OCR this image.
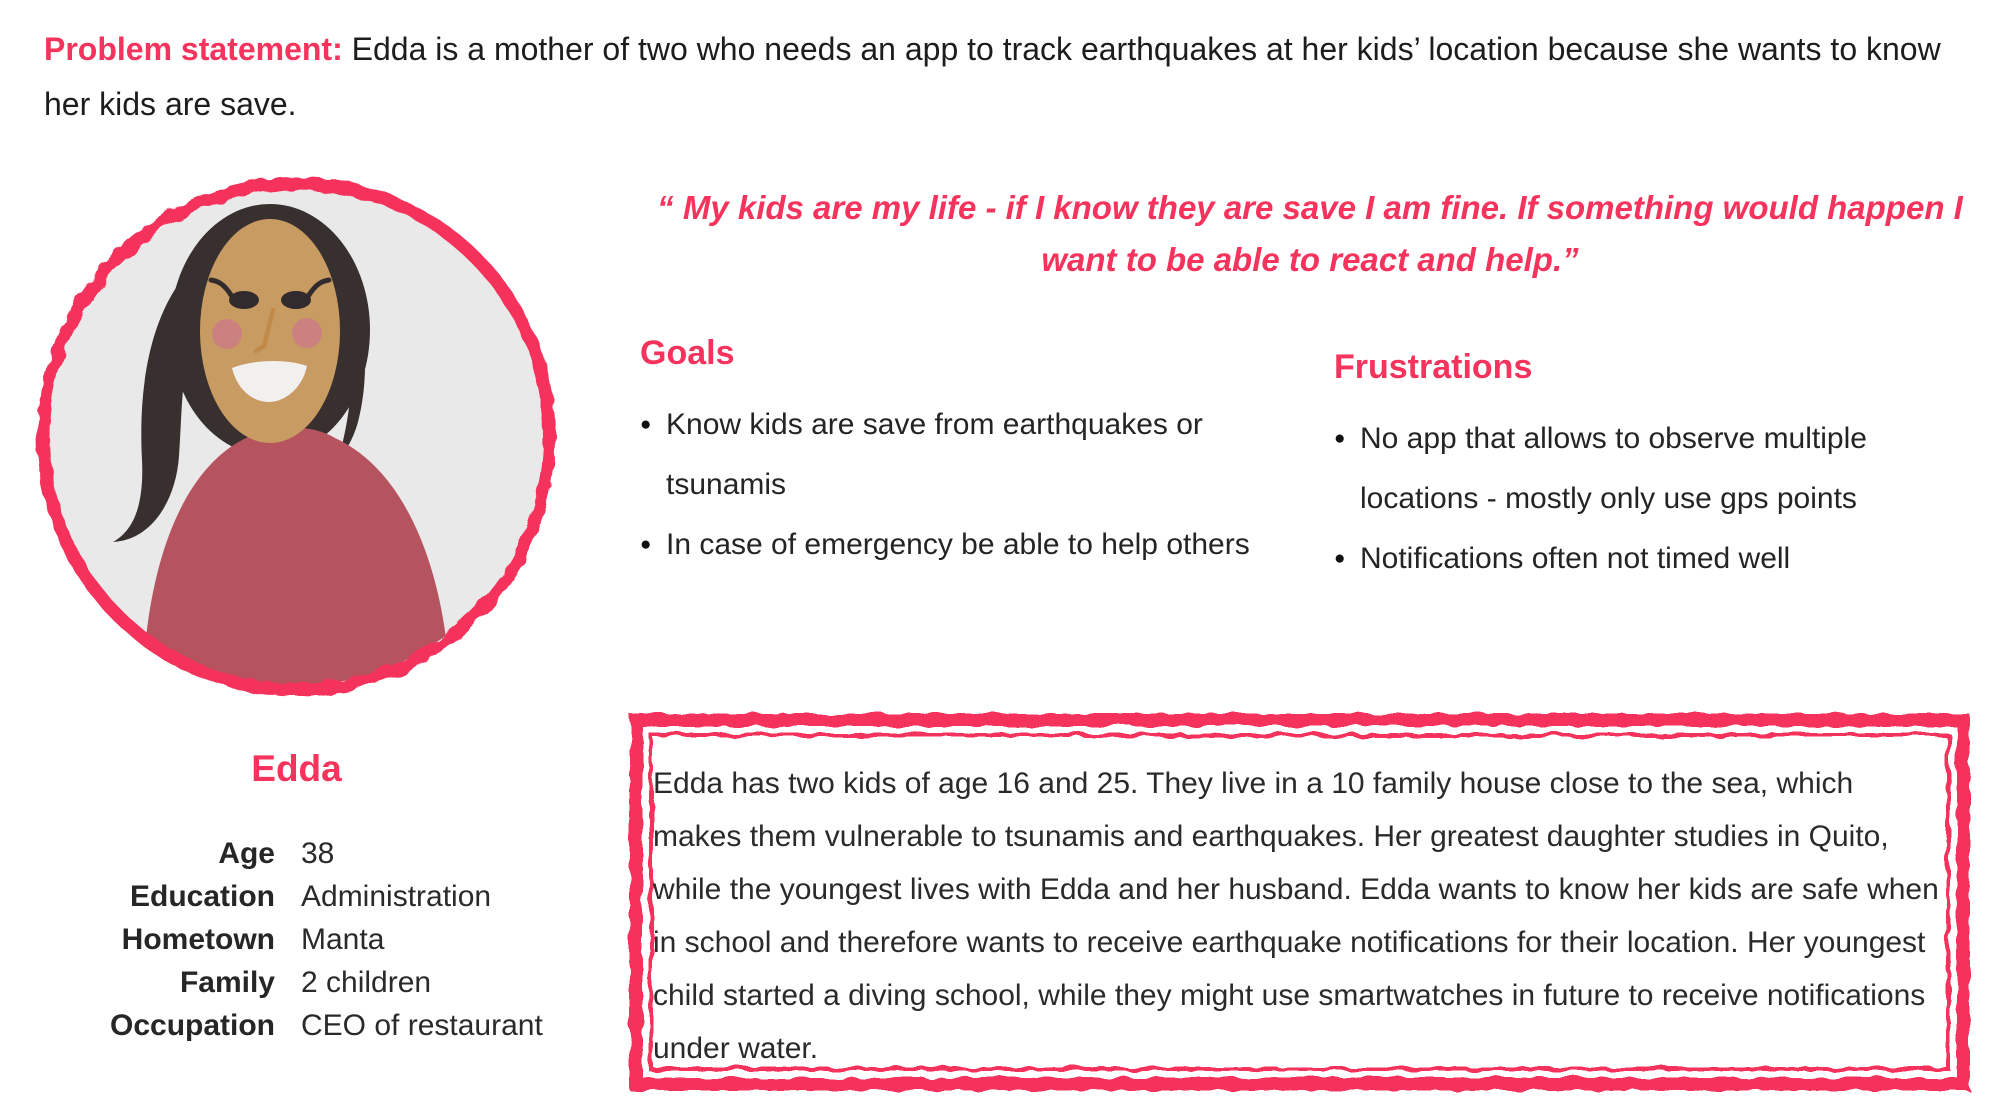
Problem statement: Edda is a mother of two who needs an app to track earthquakes at her kids’ location because she wants to know her kids are save.

Edda
Age 38
Education Administration
Hometown Manta
Family 2 children
Occupation CEO of restaurant
“ My kids are my life - if I know they are save I am fine. If something would happen I want to be able to react and help.”
Goals
● Know kids are save from earthquakes or tsunamis
● In case of emergency be able to help others
Frustrations
● No app that allows to observe multiple locations - mostly only use gps points
● Notifications often not timed well
Edda has two kids of age 16 and 25. They live in a 10 family house close to the sea, which makes them vulnerable to tsunamis and earthquakes. Her greatest daughter studies in Quito, while the youngest lives with Edda and her husband. Edda wants to know her kids are safe when in school and therefore wants to receive earthquake notifications for their location. Her youngest child started a diving school, while they might use smartwatches in future to receive notifications under water.
